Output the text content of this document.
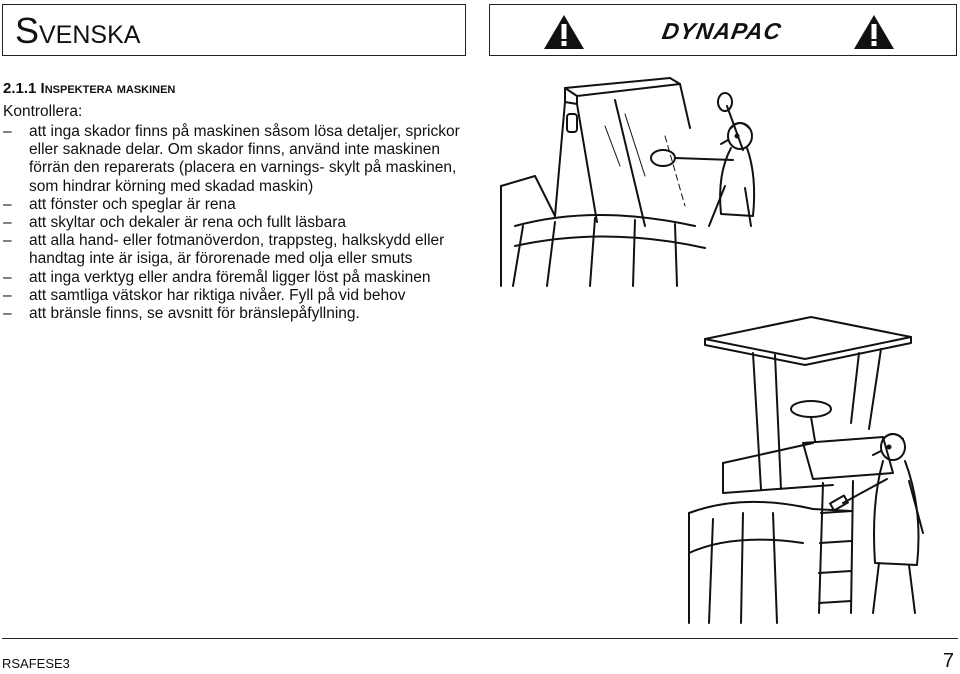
Svenska	DYNAPAC
2.1.1 Inspektera maskinen
Kontrollera:
– att inga skador finns på maskinen såsom lösa detaljer, sprickor eller saknade delar. Om skador finns, använd inte maskinen förrän den reparerats (placera en varnings- skylt på maskinen, som hindrar körning med skadad maskin)
– att fönster och speglar är rena
– att skyltar och dekaler är rena och fullt läsbara
– att alla hand- eller fotmanöverdon, trappsteg, halkskydd eller handtag inte är isiga, är förorenade med olja eller smuts
– att inga verktyg eller andra föremål ligger löst på maskinen
– att samtliga vätskor har riktiga nivåer. Fyll på vid behov
– att bränsle finns, se avsnitt för bränslepåfyllning.
RSAFESE3	7
